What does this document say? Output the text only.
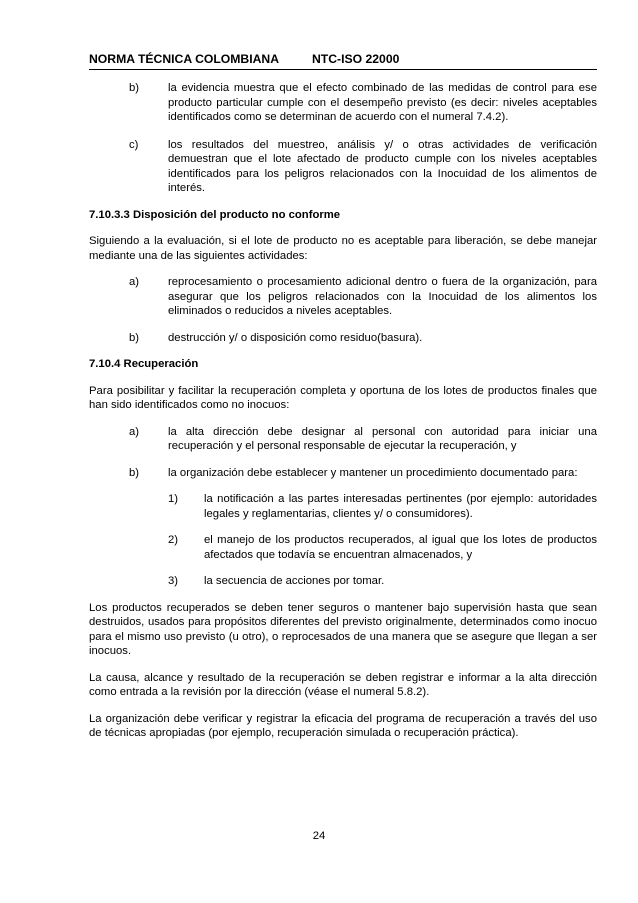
NORMA TÉCNICA COLOMBIANA	NTC-ISO 22000
b)	la evidencia muestra que el efecto combinado de las medidas de control para ese producto particular cumple con el desempeño previsto (es decir: niveles aceptables identificados como se determinan de acuerdo con el numeral 7.4.2).
c)	los resultados del muestreo, análisis y/ o otras actividades de verificación demuestran que el lote afectado de producto cumple con los niveles aceptables identificados para los peligros relacionados con la Inocuidad de los alimentos de interés.
7.10.3.3 Disposición del producto no conforme
Siguiendo a la evaluación, si el lote de producto no es aceptable para liberación, se debe manejar mediante una de las siguientes actividades:
a)	reprocesamiento o procesamiento adicional dentro o fuera de la organización, para asegurar que los peligros relacionados con la Inocuidad de los alimentos los eliminados o reducidos a niveles aceptables.
b)	destrucción y/ o disposición como residuo(basura).
7.10.4 Recuperación
Para posibilitar y facilitar la recuperación completa y oportuna de los lotes de productos finales que han sido identificados como no inocuos:
a)	la alta dirección debe designar al personal con autoridad para iniciar una recuperación y el personal responsable de ejecutar la recuperación, y
b)	la organización debe establecer y mantener un procedimiento documentado para:
1) la notificación a las partes interesadas pertinentes (por ejemplo: autoridades legales y reglamentarias, clientes y/ o consumidores).
2) el manejo de los productos recuperados, al igual que los lotes de productos afectados que todavía se encuentran almacenados, y
3) la secuencia de acciones por tomar.
Los productos recuperados se deben tener seguros o mantener bajo supervisión hasta que sean destruidos, usados para propósitos diferentes del previsto originalmente, determinados como inocuo para el mismo uso previsto (u otro), o reprocesados de una manera que se asegure que llegan a ser inocuos.
La causa, alcance y resultado de la recuperación se deben registrar e informar a la alta dirección como entrada a la revisión por la dirección (véase el numeral 5.8.2).
La organización debe verificar y registrar la eficacia del programa de recuperación a través del uso de técnicas apropiadas (por ejemplo, recuperación simulada o recuperación práctica).
24
